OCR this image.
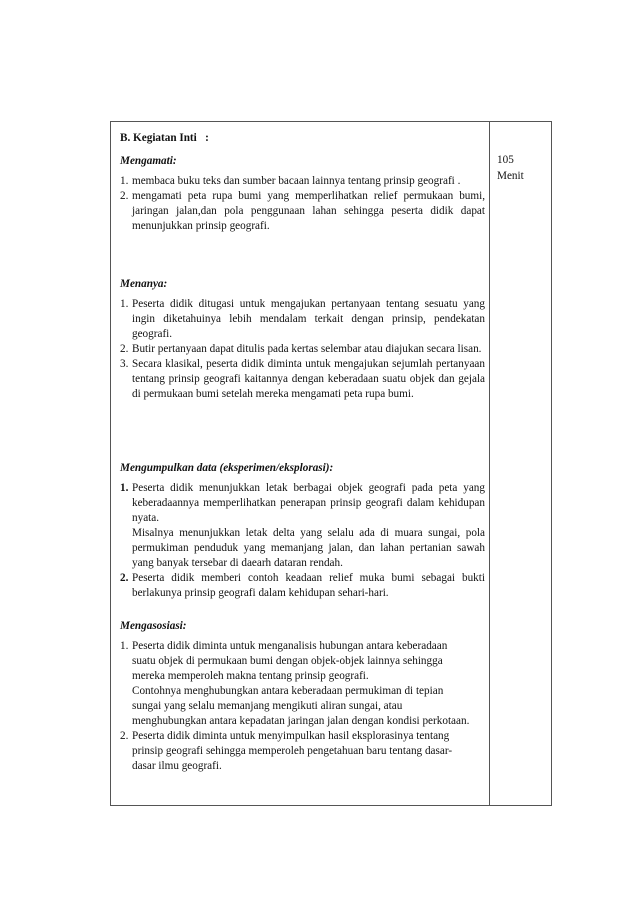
B. Kegiatan Inti   :
Mengamati:
1. membaca buku teks dan sumber bacaan lainnya tentang prinsip geografi .
2. mengamati peta rupa bumi yang memperlihatkan relief permukaan bumi, jaringan jalan,dan pola penggunaan lahan sehingga peserta didik dapat menunjukkan prinsip geografi.
Menanya:
1. Peserta didik ditugasi untuk mengajukan pertanyaan tentang sesuatu yang ingin diketahuinya lebih mendalam terkait dengan prinsip, pendekatan geografi.
2. Butir pertanyaan dapat ditulis pada kertas selembar atau diajukan secara lisan.
3. Secara klasikal, peserta didik diminta untuk mengajukan sejumlah pertanyaan tentang prinsip geografi kaitannya dengan keberadaan suatu objek dan gejala di permukaan bumi setelah mereka mengamati peta rupa bumi.
Mengumpulkan data (eksperimen/eksplorasi):
1. Peserta didik menunjukkan letak berbagai objek geografi pada peta yang keberadaannya memperlihatkan penerapan prinsip geografi dalam kehidupan nyata.
Misalnya menunjukkan letak delta yang selalu ada di muara sungai, pola permukiman penduduk yang memanjang jalan, dan lahan pertanian sawah yang banyak tersebar di daearh dataran rendah.
2. Peserta didik memberi contoh keadaan relief muka bumi sebagai bukti berlakunya prinsip geografi dalam kehidupan sehari-hari.
Mengasosiasi:
1. Peserta didik diminta untuk menganalisis hubungan antara keberadaan suatu objek di permukaan bumi dengan objek-objek lainnya sehingga mereka memperoleh makna tentang prinsip geografi.
Contohnya menghubungkan antara keberadaan permukiman di tepian sungai yang selalu memanjang mengikuti aliran sungai, atau menghubungkan antara kepadatan jaringan jalan dengan kondisi perkotaan.
2. Peserta didik diminta untuk menyimpulkan hasil eksplorasinya tentang prinsip geografi sehingga memperoleh pengetahuan baru tentang dasar-dasar ilmu geografi.
105
Menit
